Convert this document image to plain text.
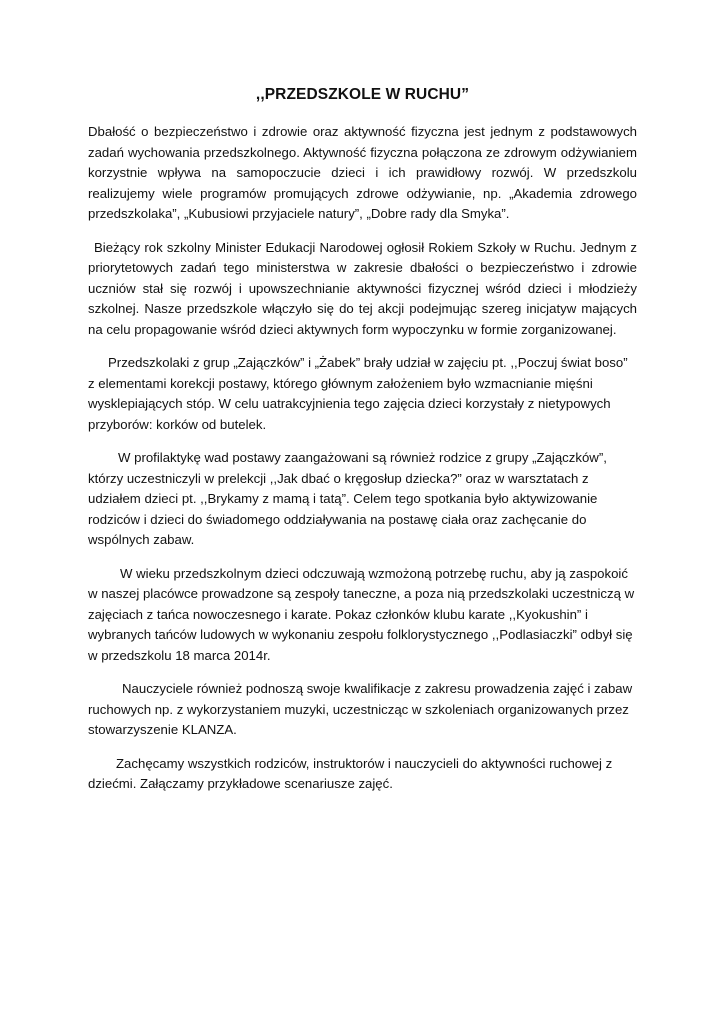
,,PRZEDSZKOLE W RUCHU”

Dbałość o bezpieczeństwo i zdrowie oraz aktywność fizyczna jest jednym z podstawowych zadań wychowania przedszkolnego. Aktywność fizyczna połączona ze zdrowym odżywianiem korzystnie wpływa na samopoczucie dzieci i ich prawidłowy rozwój. W przedszkolu realizujemy wiele programów promujących zdrowe odżywianie, np. „Akademia zdrowego przedszkolaka”, „Kubusiowi przyjaciele natury”, „Dobre rady dla Smyka”.

Bieżący rok szkolny Minister Edukacji Narodowej ogłosił Rokiem Szkoły w Ruchu. Jednym z priorytetowych zadań tego ministerstwa w zakresie dbałości o bezpieczeństwo i zdrowie uczniów stał się rozwój i upowszechnianie aktywności fizycznej wśród dzieci i młodzieży szkolnej. Nasze przedszkole włączyło się do tej akcji podejmując szereg inicjatyw mających na celu propagowanie wśród dzieci aktywnych form wypoczynku w formie zorganizowanej.

Przedszkolaki z grup „Zajączków” i „Żabek” brały udział w zajęciu pt. ,,Poczuj świat boso” z elementami korekcji postawy, którego głównym założeniem było wzmacnianie mięśni wysklepiających stóp. W celu uatrakcyjnienia tego zajęcia dzieci korzystały z nietypowych przyborów: korków od butelek.

W profilaktykę wad postawy zaangażowani są również rodzice z grupy „Zajączków”, którzy uczestniczyli w prelekcji ,,Jak dbać o kręgosłup dziecka?” oraz w warsztatach z udziałem dzieci pt. ,,Brykamy z mamą i tatą”. Celem tego spotkania było aktywizowanie rodziców i dzieci do świadomego oddziaływania na postawę ciała oraz zachęcanie do wspólnych zabaw.

W wieku przedszkolnym dzieci odczuwają wzmożoną potrzebę ruchu, aby ją zaspokoić w naszej placówce prowadzone są zespoły taneczne, a poza nią przedszkolaki uczestniczą w zajęciach z tańca nowoczesnego i karate. Pokaz członków klubu karate ,,Kyokushin” i wybranych tańców ludowych w wykonaniu zespołu folklorystycznego ,,Podlasiaczki” odbył się w przedszkolu 18 marca 2014r.

Nauczyciele również podnoszą swoje kwalifikacje z zakresu prowadzenia zajęć i zabaw ruchowych np. z wykorzystaniem muzyki, uczestnicząc w szkoleniach organizowanych przez stowarzyszenie KLANZA.

Zachęcamy wszystkich rodziców, instruktorów i nauczycieli do aktywności ruchowej z dziećmi. Załączamy przykładowe scenariusze zajęć.
